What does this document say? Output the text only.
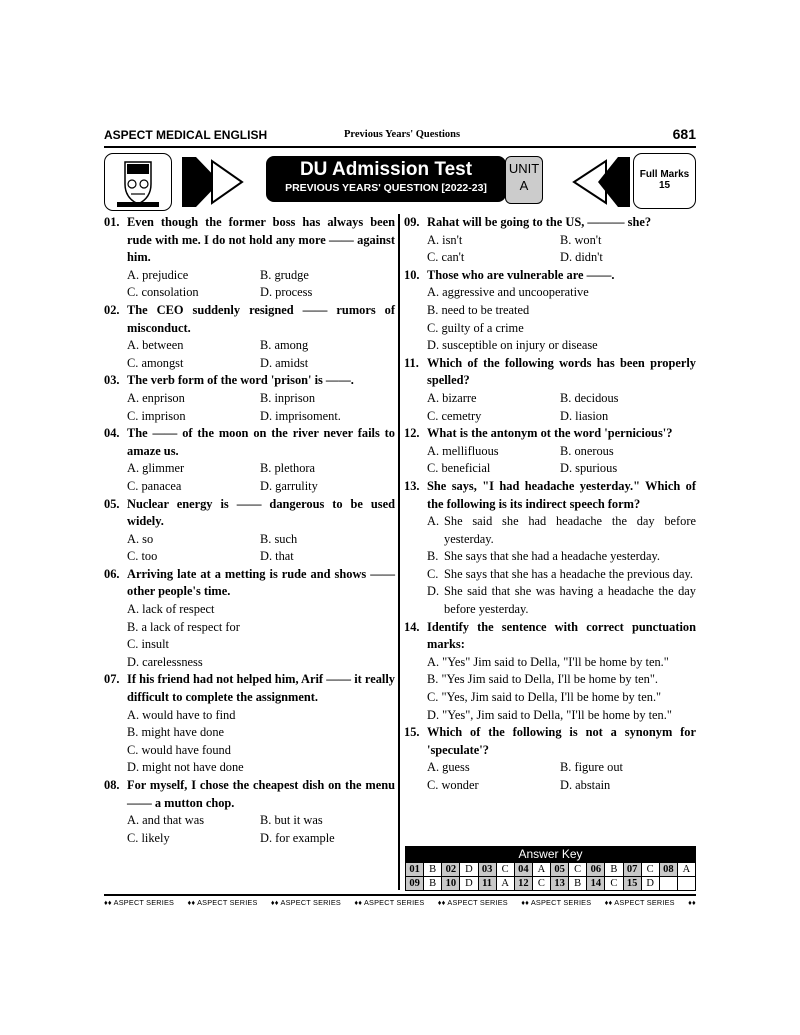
ASPECT MEDICAL ENGLISH	Previous Years' Questions	681
DU Admission Test
PREVIOUS YEARS' QUESTION [2022-23]
UNIT
A
Full Marks
15
01. Even though the former boss has always been rude with me. I do not hold any more —— against him.
A. prejudice	B. grudge
C. consolation	D. process
02. The CEO suddenly resigned —— rumors of misconduct.
A. between	B. among
C. amongst	D. amidst
03. The verb form of the word 'prison' is ——.
A. enprison	B. inprison
C. imprison	D. imprisoment.
04. The —— of the moon on the river never fails to amaze us.
A. glimmer	B. plethora
C. panacea	D. garrulity
05. Nuclear energy is —— dangerous to be used widely.
A. so	B. such
C. too	D. that
06. Arriving late at a metting is rude and shows —— other people's time.
A. lack of respect
B. a lack of respect for
C. insult
D. carelessness
07. If his friend had not helped him, Arif —— it really difficult to complete the assignment.
A. would have to find
B. might have done
C. would have found
D. might not have done
08. For myself, I chose the cheapest dish on the menu —— a mutton chop.
A. and that was	B. but it was
C. likely	D. for example
09. Rahat will be going to the US, ——— she?
A. isn't	B. won't
C. can't	D. didn't
10. Those who are vulnerable are ——.
A. aggressive and uncooperative
B. need to be treated
C. guilty of a crime
D. susceptible on injury or disease
11. Which of the following words has been properly spelled?
A. bizarre	B. decidous
C. cemetry	D. liasion
12. What is the antonym ot the word 'pernicious'?
A. mellifluous	B. onerous
C. beneficial	D. spurious
13. She says, "I had headache yesterday." Which of the following is its indirect speech form?
A. She said she had headache the day before yesterday.
B. She says that she had a headache yesterday.
C. She says that she has a headache the previous day.
D. She said that she was having a headache the day before yesterday.
14. Identify the sentence with correct punctuation marks:
A. "Yes" Jim said to Della, "I'll be home by ten."
B. "Yes Jim said to Della, I'll be home by ten".
C. "Yes, Jim said to Della, I'll be home by ten."
D. "Yes", Jim said to Della, "I'll be home by ten."
15. Which of the following is not a synonym for 'speculate'?
A. guess	B. figure out
C. wonder	D. abstain
Answer Key
01	B	02	D	03	C	04	A	05	C	06	B	07	C	08	A
09	B	10	D	11	A	12	C	13	B	14	C	15	D		
♦♦ ASPECT SERIES ♦♦ ASPECT SERIES ♦♦ ASPECT SERIES ♦♦ ASPECT SERIES ♦♦ ASPECT SERIES ♦♦ ASPECT SERIES ♦♦ ASPECT SERIES ♦♦
